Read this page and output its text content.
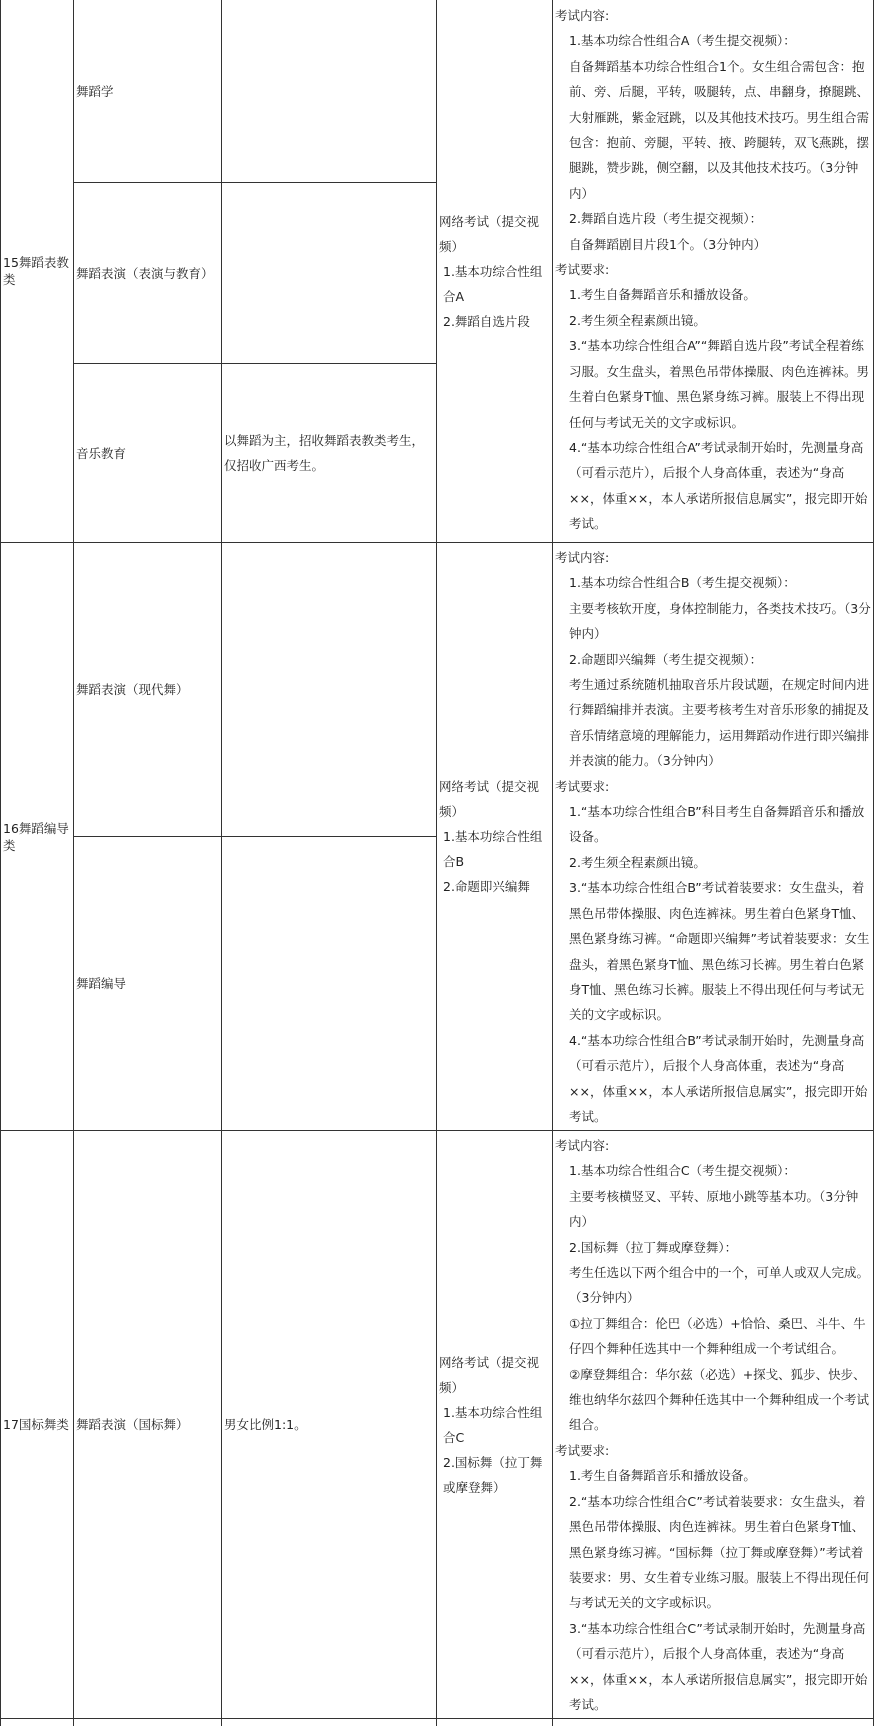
15舞蹈表教类
舞蹈学
舞蹈表演（表演与教育）
音乐教育
以舞蹈为主，招收舞蹈表教类考生，仅招收广西考生。
网络考试（提交视频）
1.基本功综合性组合A
2.舞蹈自选片段

考试内容:

1.基本功综合性组合A（考生提交视频）：

自备舞蹈基本功综合性组合1个。女生组合需包含：抱前、旁、后腿，平转，吸腿转，点、串翻身，撩腿跳、大射雁跳，紫金冠跳，以及其他技术技巧。男生组合需包含：抱前、旁腿，平转、掖、跨腿转，双飞燕跳，摆腿跳，赞步跳，侧空翻，以及其他技术技巧。（3分钟内）

2.舞蹈自选片段（考生提交视频）：

自备舞蹈剧目片段1个。（3分钟内）

考试要求:

1.考生自备舞蹈音乐和播放设备。

2.考生须全程素颜出镜。

3.“基本功综合性组合A”“舞蹈自选片段”考试全程着练习服。女生盘头，着黑色吊带体操服、肉色连裤袜。男生着白色紧身T恤、黑色紧身练习裤。服装上不得出现任何与考试无关的文字或标识。

4.“基本功综合性组合A”考试录制开始时，先测量身高（可看示范片），后报个人身高体重，表述为“身高××，体重××，本人承诺所报信息属实”，报完即开始考试。

16舞蹈编导类
舞蹈表演（现代舞）
舞蹈编导
网络考试（提交视频）
1.基本功综合性组合B
2.命题即兴编舞

考试内容:

1.基本功综合性组合B（考生提交视频）：

主要考核软开度，身体控制能力，各类技术技巧。（3分钟内）

2.命题即兴编舞（考生提交视频）：

考生通过系统随机抽取音乐片段试题，在规定时间内进行舞蹈编排并表演。主要考核考生对音乐形象的捕捉及音乐情绪意境的理解能力，运用舞蹈动作进行即兴编排并表演的能力。（3分钟内）

考试要求:

1.“基本功综合性组合B”科目考生自备舞蹈音乐和播放设备。

2.考生须全程素颜出镜。

3.“基本功综合性组合B”考试着装要求：女生盘头，着黑色吊带体操服、肉色连裤袜。男生着白色紧身T恤、黑色紧身练习裤。“命题即兴编舞”考试着装要求：女生盘头，着黑色紧身T恤、黑色练习长裤。男生着白色紧身T恤、黑色练习长裤。服装上不得出现任何与考试无关的文字或标识。

4.“基本功综合性组合B”考试录制开始时，先测量身高（可看示范片），后报个人身高体重，表述为“身高××，体重××，本人承诺所报信息属实”，报完即开始考试。

17国标舞类 舞蹈表演（国标舞）	男女比例1:1。
网络考试（提交视频）
1.基本功综合性组合C
2.国标舞（拉丁舞或摩登舞）

考试内容:

1.基本功综合性组合C（考生提交视频）：

主要考核横竖叉、平转、原地小跳等基本功。（3分钟内）

2.国标舞（拉丁舞或摩登舞）：

考生任选以下两个组合中的一个，可单人或双人完成。（3分钟内）

①拉丁舞组合：伦巴（必选）+恰恰、桑巴、斗牛、牛仔四个舞种任选其中一个舞种组成一个考试组合。

②摩登舞组合：华尔兹（必选）+探戈、狐步、快步、维也纳华尔兹四个舞种任选其中一个舞种组成一个考试组合。

考试要求:

1.考生自备舞蹈音乐和播放设备。

2.“基本功综合性组合C”考试着装要求：女生盘头，着黑色吊带体操服、肉色连裤袜。男生着白色紧身T恤、黑色紧身练习裤。“国标舞（拉丁舞或摩登舞）”考试着装要求：男、女生着专业练习服。服装上不得出现任何与考试无关的文字或标识。

3.“基本功综合性组合C”考试录制开始时，先测量身高（可看示范片），后报个人身高体重，表述为“身高××，体重××，本人承诺所报信息属实”，报完即开始考试。
